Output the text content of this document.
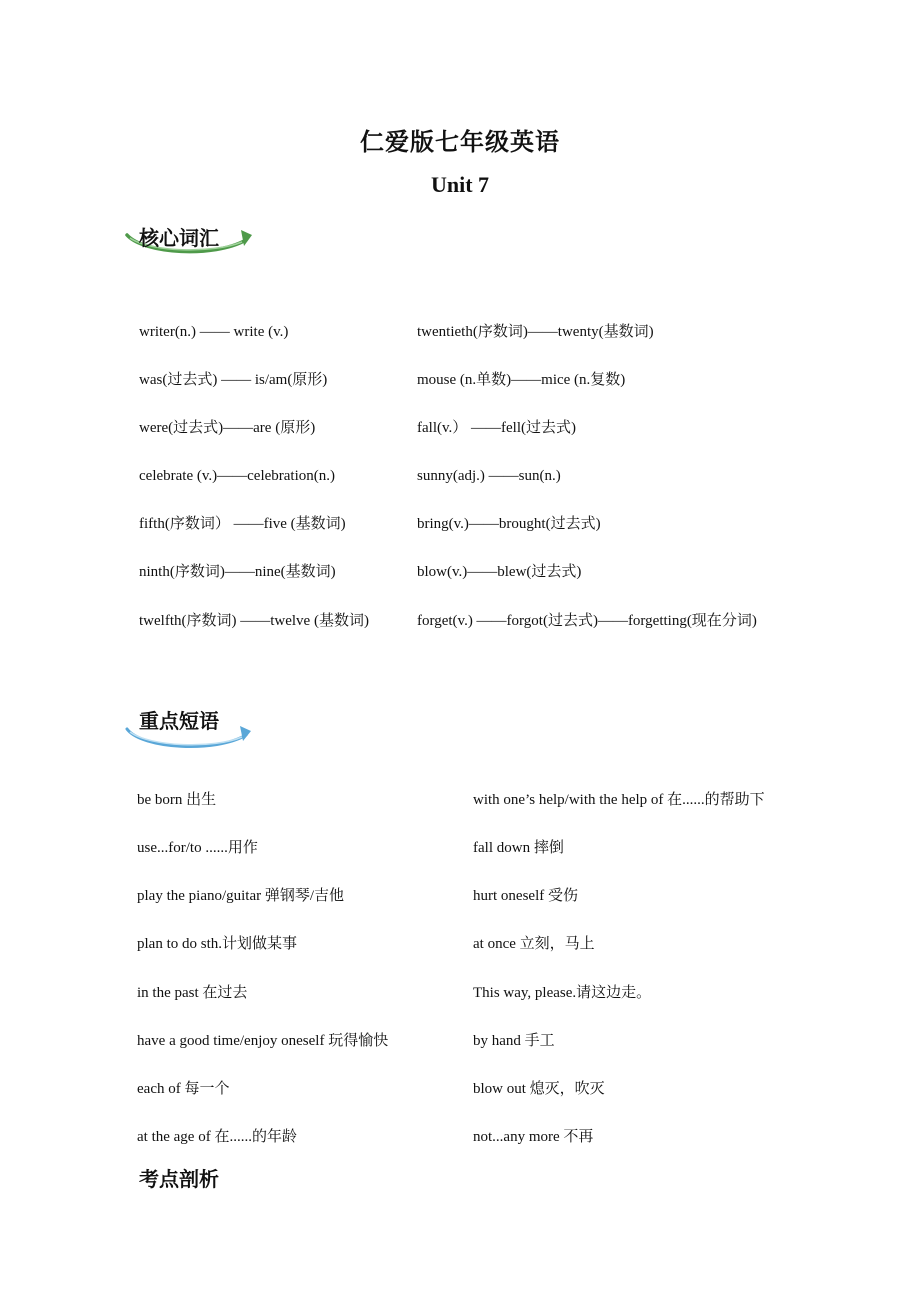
仁爱版七年级英语
Unit 7
核心词汇
writer(n.) —— write (v.)	twentieth(序数词)——twenty(基数词)
was(过去式) —— is/am(原形)	mouse (n.单数)——mice (n.复数)
were(过去式)——are (原形)	fall(v.） ——fell(过去式)
celebrate (v.)——celebration(n.)	sunny(adj.) ——sun(n.)
fifth(序数词） ——five (基数词)	bring(v.)——brought(过去式)
ninth(序数词)——nine(基数词)	blow(v.)——blew(过去式)
twelfth(序数词) ——twelve (基数词)	forget(v.) ——forgot(过去式)——forgetting(现在分词)
重点短语
be born 出生	with one’s help/with the help of 在......的帮助下
use...for/to ......用作	fall down 摔倒
play the piano/guitar 弹钢琴/吉他	hurt oneself 受伤
plan to do sth.计划做某事	at once 立刻，马上
in the past 在过去	This way, please.请这边走。
have a good time/enjoy oneself 玩得愉快	by hand 手工
each of 每一个	blow out 熄灭，吹灭
at the age of 在......的年龄	not...any more 不再
考点剖析
